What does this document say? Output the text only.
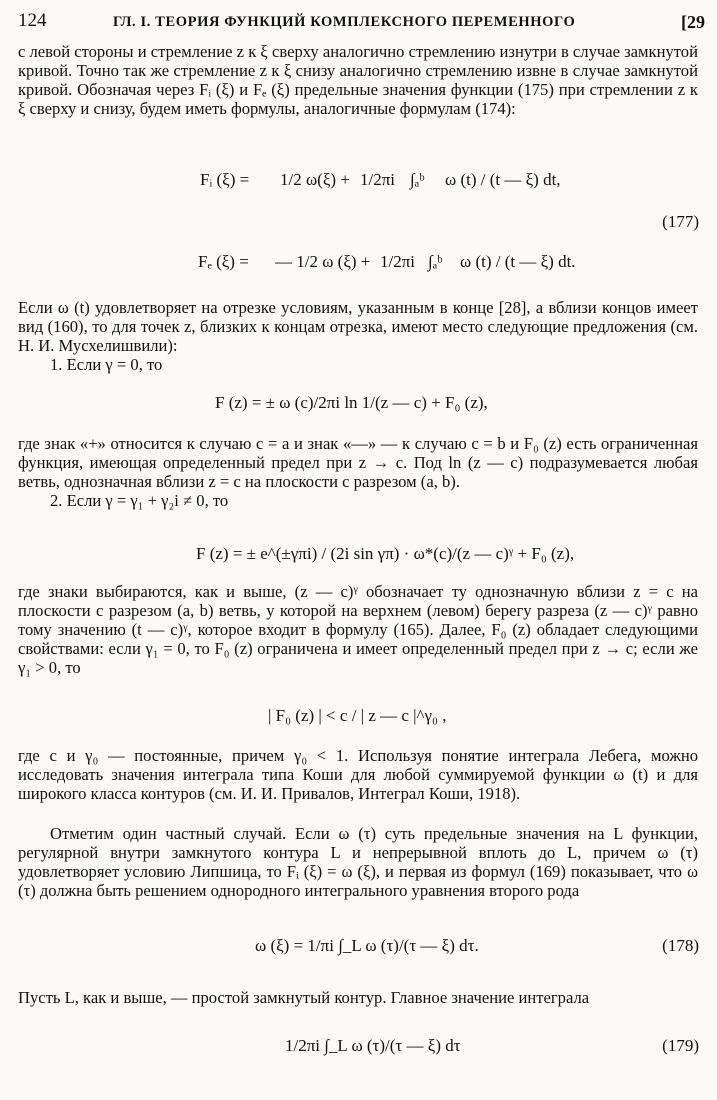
124	ГЛ. I. ТЕОРИЯ ФУНКЦИЙ КОМПЛЕКСНОГО ПЕРЕМЕННОГО	[29

с левой стороны и стремление z к ξ сверху аналогично стремлению изнутри в случае замкнутой кривой. Точно так же стремление z к ξ снизу аналогично стремлению извне в случае замкнутой кривой. Обозначая через Fᵢ (ξ) и Fₑ (ξ) предельные значения функции (175) при стремлении z к ξ сверху и снизу, будем иметь формулы, аналогичные формулам (174):

Fᵢ (ξ) = 1/2 ω(ξ) + 1/2πi ∫ₐᵇ ω (t) / (t — ξ) dt,
(177)
Fₑ (ξ) = — 1/2 ω (ξ) + 1/2πi ∫ₐᵇ ω (t) / (t — ξ) dt.

Если ω (t) удовлетворяет на отрезке условиям, указанным в конце [28], а вблизи концов имеет вид (160), то для точек z, близких к концам отрезка, имеют место следующие предложения (см. Н. И. Мусхелишвили):

1. Если γ = 0, то

F (z) = ± ω (c)/2πi ln 1/(z — c) + F₀ (z),

где знак «+» относится к случаю c = a и знак «—» — к случаю c = b и F₀ (z) есть ограниченная функция, имеющая определенный предел при z → c. Под ln (z — c) подразумевается любая ветвь, однозначная вблизи z = c на плоскости с разрезом (a, b).

2. Если γ = γ₁ + γ₂i ≠ 0, то

F (z) = ± e^(±γπi) / (2i sin γπ) · ω*(c)/(z — c)ᵞ + F₀ (z),

где знаки выбираются, как и выше, (z — c)ᵞ обозначает ту однозначную вблизи z = c на плоскости с разрезом (a, b) ветвь, у которой на верхнем (левом) берегу разреза (z — c)ᵞ равно тому значению (t — c)ᵞ, которое входит в формулу (165). Далее, F₀ (z) обладает следующими свойствами: если γ₁ = 0, то F₀ (z) ограничена и имеет определенный предел при z → c; если же γ₁ > 0, то

| F₀ (z) | < c / | z — c |^γ₀ ,

где c и γ₀ — постоянные, причем γ₀ < 1. Используя понятие интеграла Лебега, можно исследовать значения интеграла типа Коши для любой суммируемой функции ω (t) и для широкого класса контуров (см. И. И. Привалов, Интеграл Коши, 1918).

Отметим один частный случай. Если ω (τ) суть предельные значения на L функции, регулярной внутри замкнутого контура L и непрерывной вплоть до L, причем ω (τ) удовлетворяет условию Липшица, то Fᵢ (ξ) = ω (ξ), и первая из формул (169) показывает, что ω (τ) должна быть решением однородного интегрального уравнения второго рода

ω (ξ) = 1/πi ∫_L ω (τ)/(τ — ξ) dτ.	(178)

Пусть L, как и выше, — простой замкнутый контур. Главное значение интеграла

1/2πi ∫_L ω (τ)/(τ — ξ) dτ	(179)
